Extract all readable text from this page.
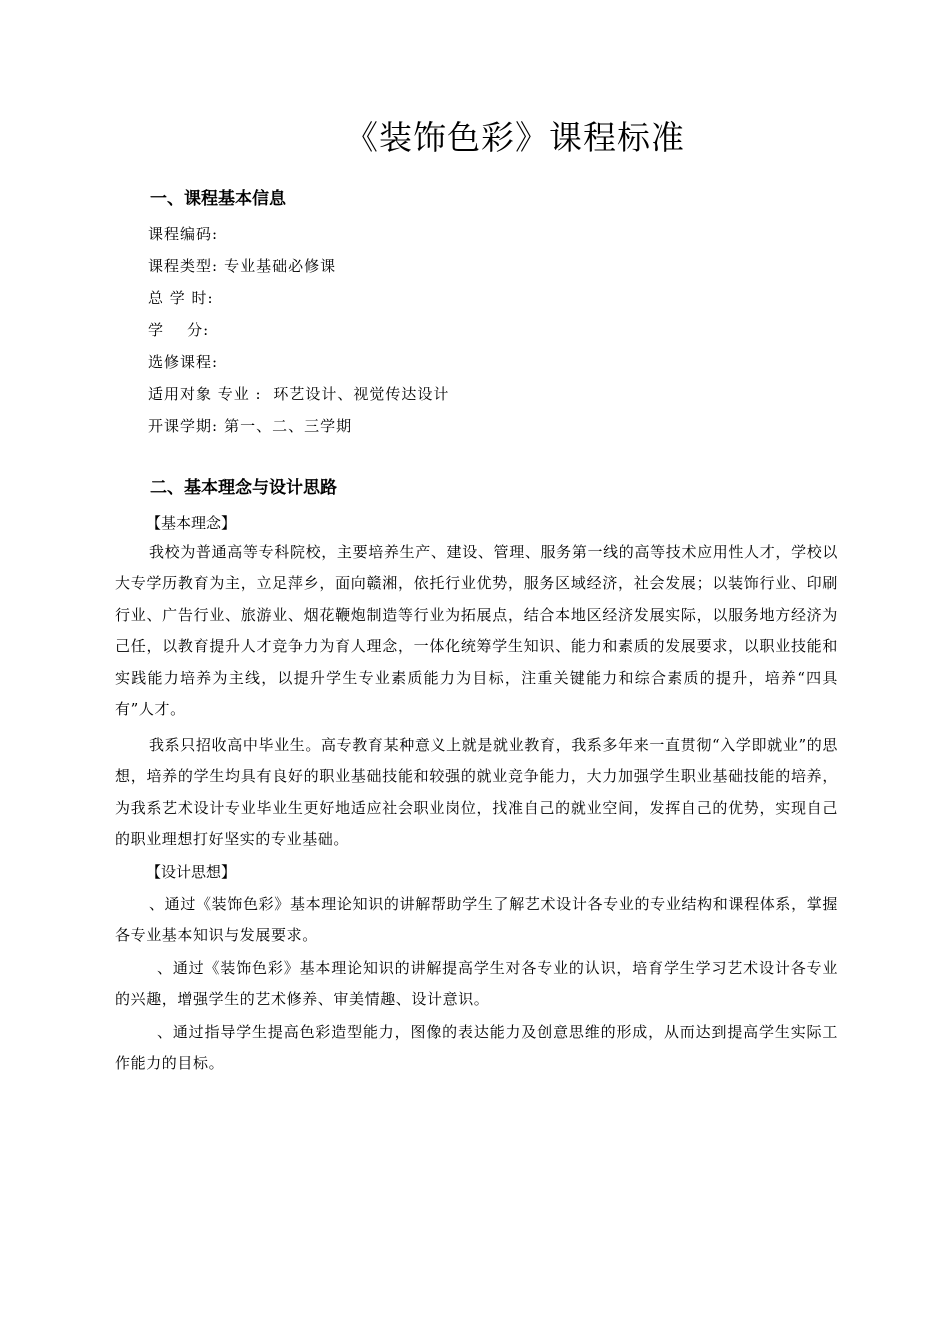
《装饰色彩》课程标准
一、课程基本信息
课程编码:
课程类型: 专业基础必修课
总 学 时:
学    分:
选修课程:
适用对象 专业 : 环艺设计、视觉传达设计
开课学期: 第一、二、三学期
二、基本理念与设计思路
【基本理念】
我校为普通高等专科院校，主要培养生产、建设、管理、服务第一线的高等技术应用性人才，学校以大专学历教育为主，立足萍乡，面向赣湘，依托行业优势，服务区域经济，社会发展；以装饰行业、印刷行业、广告行业、旅游业、烟花鞭炮制造等行业为拓展点，结合本地区经济发展实际，以服务地方经济为己任，以教育提升人才竞争力为育人理念，一体化统筹学生知识、能力和素质的发展要求，以职业技能和实践能力培养为主线，以提升学生专业素质能力为目标，注重关键能力和综合素质的提升，培养“四具有”人才。
我系只招收高中毕业生。高专教育某种意义上就是就业教育，我系多年来一直贯彻“入学即就业”的思想，培养的学生均具有良好的职业基础技能和较强的就业竞争能力，大力加强学生职业基础技能的培养，为我系艺术设计专业毕业生更好地适应社会职业岗位，找准自己的就业空间，发挥自己的优势，实现自己的职业理想打好坚实的专业基础。
【设计思想】
、通过《装饰色彩》基本理论知识的讲解帮助学生了解艺术设计各专业的专业结构和课程体系，掌握各专业基本知识与发展要求。
、通过《装饰色彩》基本理论知识的讲解提高学生对各专业的认识，培育学生学习艺术设计各专业的兴趣，增强学生的艺术修养、审美情趣、设计意识。
、通过指导学生提高色彩造型能力，图像的表达能力及创意思维的形成，从而达到提高学生实际工作能力的目标。
